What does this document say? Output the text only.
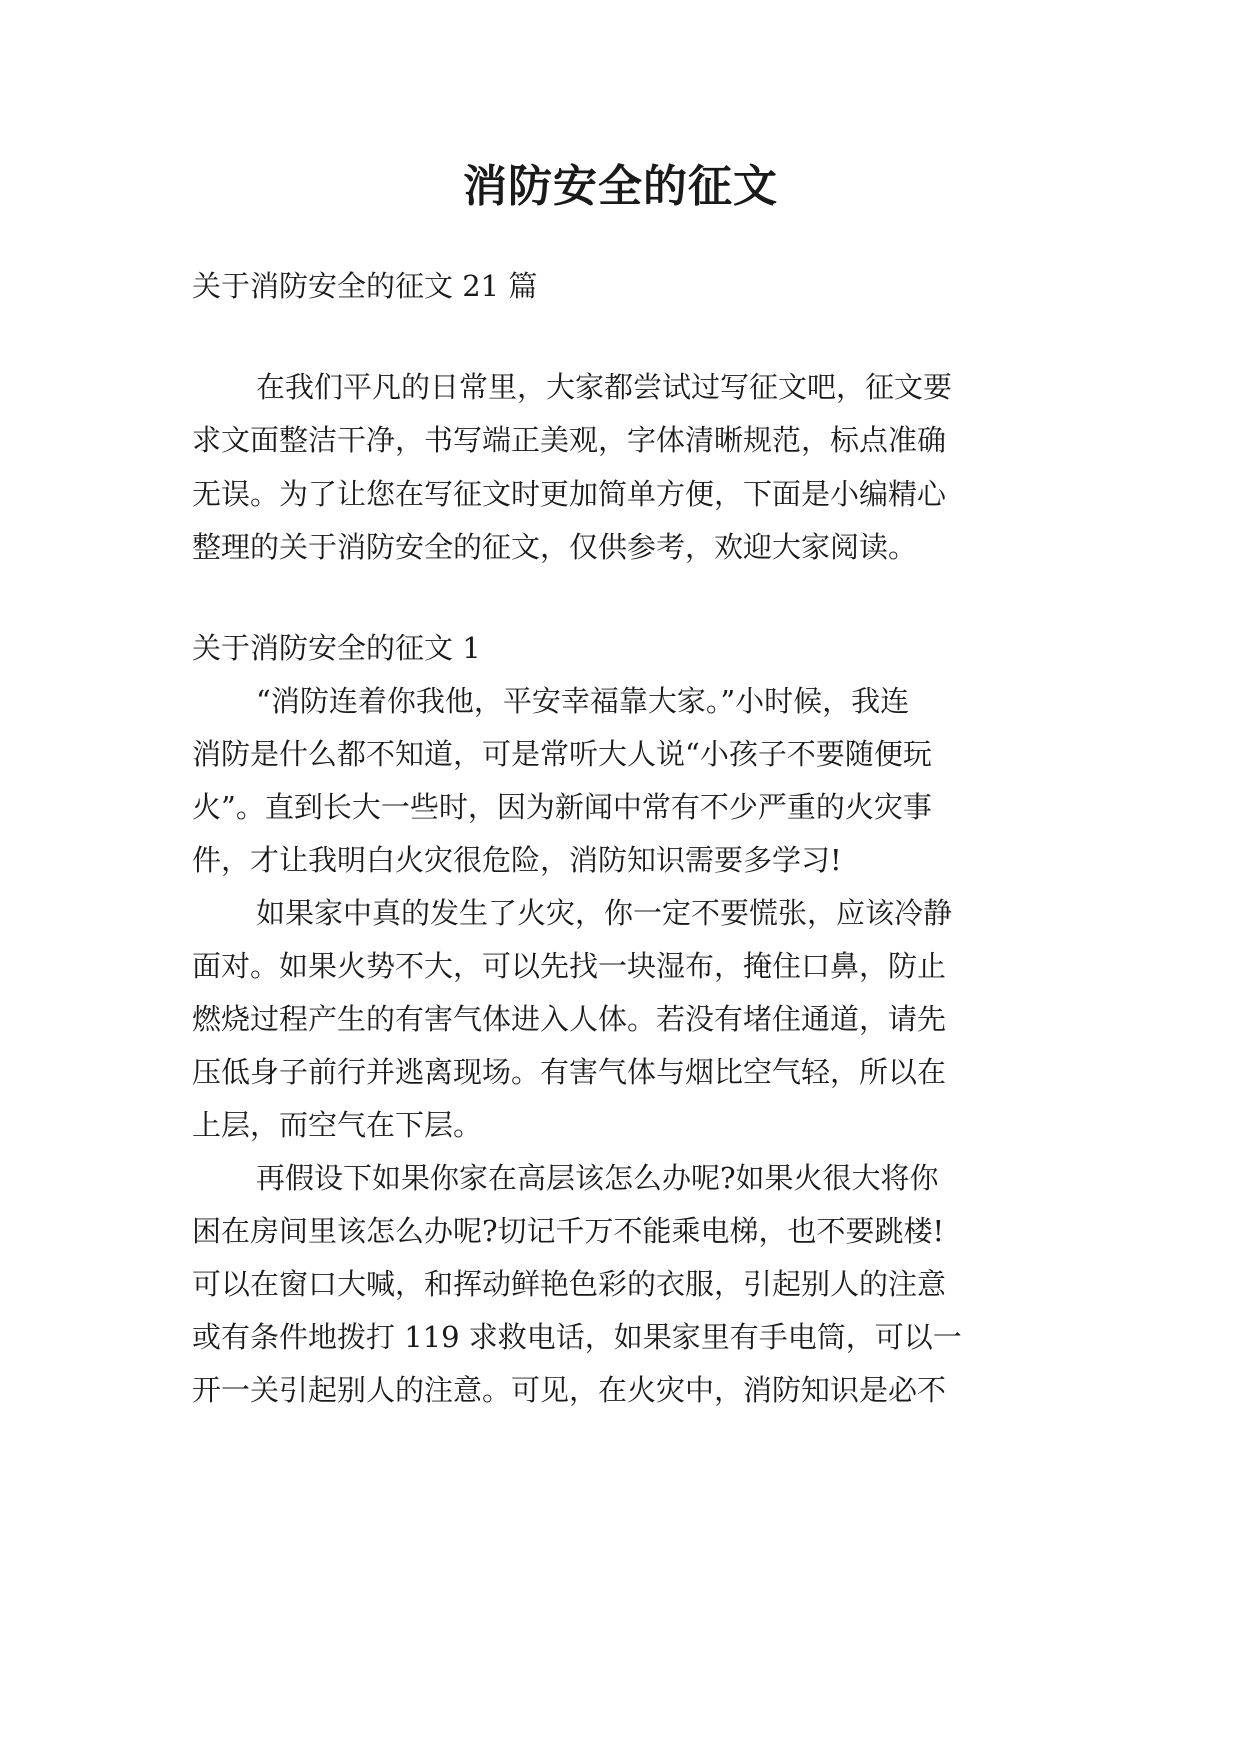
消防安全的征文
关于消防安全的征文 21 篇
在我们平凡的日常里，大家都尝试过写征文吧，征文要
求文面整洁干净，书写端正美观，字体清晰规范，标点准确
无误。为了让您在写征文时更加简单方便，下面是小编精心
整理的关于消防安全的征文，仅供参考，欢迎大家阅读。
关于消防安全的征文 1
“消防连着你我他，平安幸福靠大家。”小时候，我连
消防是什么都不知道，可是常听大人说“小孩子不要随便玩
火”。直到长大一些时，因为新闻中常有不少严重的火灾事
件，才让我明白火灾很危险，消防知识需要多学习!
如果家中真的发生了火灾，你一定不要慌张，应该冷静
面对。如果火势不大，可以先找一块湿布，掩住口鼻，防止
燃烧过程产生的有害气体进入人体。若没有堵住通道，请先
压低身子前行并逃离现场。有害气体与烟比空气轻，所以在
上层，而空气在下层。
再假设下如果你家在高层该怎么办呢?如果火很大将你
困在房间里该怎么办呢?切记千万不能乘电梯，也不要跳楼!
可以在窗口大喊，和挥动鲜艳色彩的衣服，引起别人的注意
或有条件地拨打 119 求救电话，如果家里有手电筒，可以一
开一关引起别人的注意。可见，在火灾中，消防知识是必不
